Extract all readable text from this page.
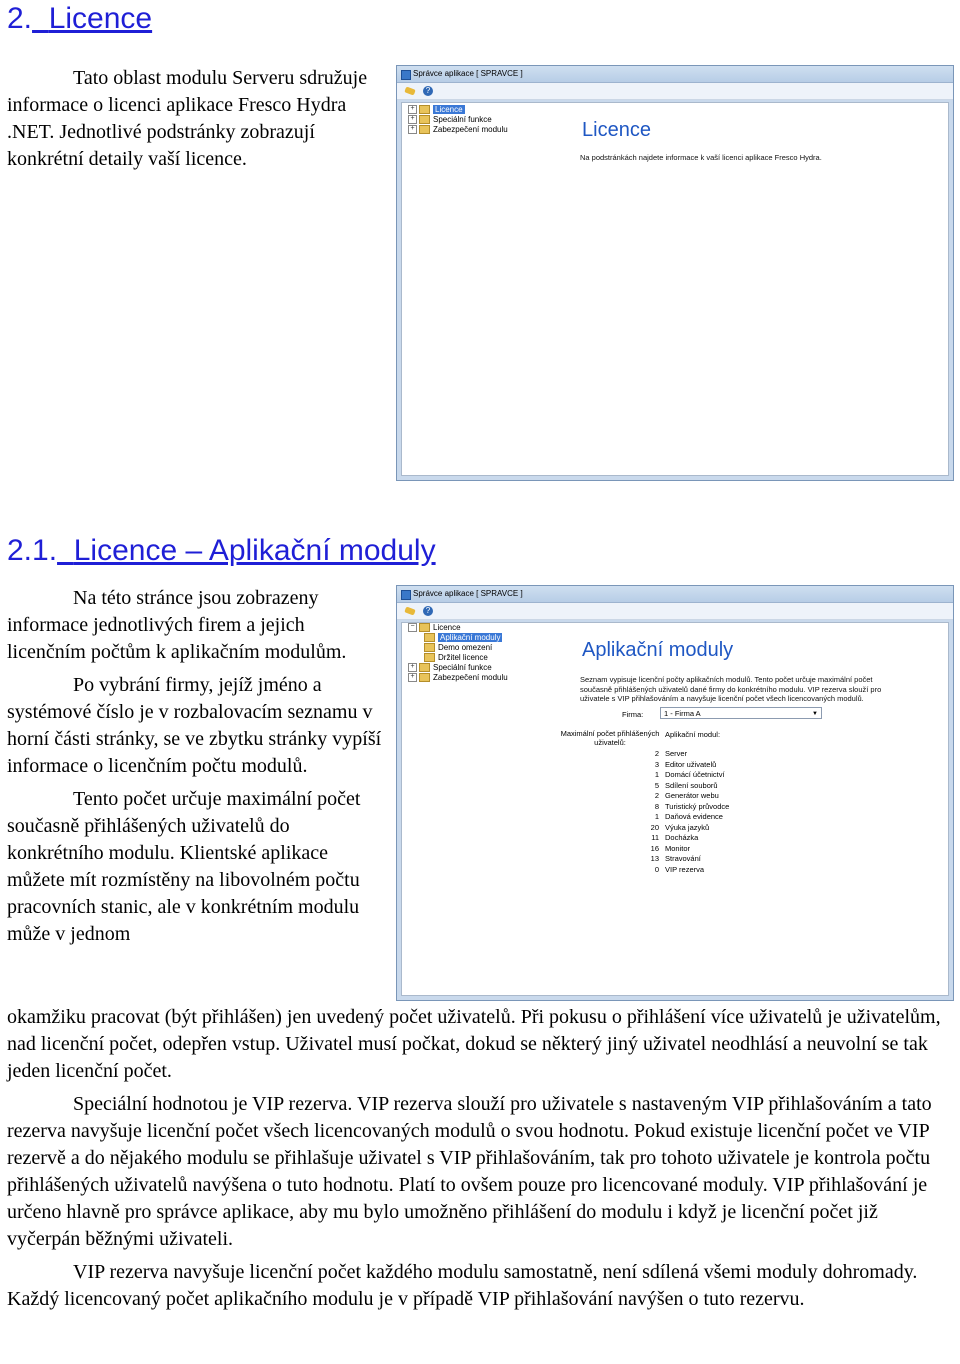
2. Licence

Tato oblast modulu Serveru sdružuje informace o licenci aplikace Fresco Hydra .NET. Jednotlivé podstránky zobrazují konkrétní detaily vaší licence.

Správce aplikace [ SPRAVCE ]
?
+	Licence
+ Speciální funkce
+ Zabezpečení modulu	Licence
Na podstránkách najdete informace k vaší licenci aplikace Fresco Hydra.
2.1. Licence – Aplikační moduly

Na této stránce jsou zobrazeny informace jednotlivých firem a jejich licenčním počtům k aplikačním modulům.

Po vybrání firmy, jejíž jméno a systémové číslo je v rozbalovacím seznamu v horní části stránky, se ve zbytku stránky vypíší informace o licenčním počtu modulů.

Tento počet určuje maximální počet současně přihlášených uživatelů do konkrétního modulu. Klientské aplikace můžete mít rozmístěny na libovolném počtu pracovních stanic, ale v konkrétním modulu může v jednom

okamžiku pracovat (být přihlášen) jen uvedený počet uživatelů. Při pokusu o přihlášení více uživatelů je uživatelům, nad licenční počet, odepřen vstup. Uživatel musí počkat, dokud se některý jiný uživatel neodhlásí a neuvolní se tak jeden licenční počet.

Speciální hodnotou je VIP rezerva. VIP rezerva slouží pro uživatele s nastaveným VIP přihlašováním a tato rezerva navyšuje licenční počet všech licencovaných modulů o svou hodnotu. Pokud existuje licenční počet ve VIP rezervě a do nějakého modulu se přihlašuje uživatel s VIP přihlašováním, tak pro tohoto uživatele je kontrola počtu přihlášených uživatelů navýšena o tuto hodnotu. Platí to ovšem pouze pro licencované moduly. VIP přihlašování je určeno hlavně pro správce aplikace, aby mu bylo umožněno přihlášení do modulu i když je licenční počet již vyčerpán běžnými uživateli.

VIP rezerva navyšuje licenční počet každého modulu samostatně, není sdílená všemi moduly dohromady. Každý licencovaný počet aplikačního modulu je v případě VIP přihlašování navýšen o tuto rezervu.

Správce aplikace [ SPRAVCE ]
?
− Licence
Aplikační moduly
Demo omezení
Držitel licence
+ Speciální funkce
+ Zabezpečení modulu
Aplikační moduly
Seznam vypisuje licenční počty aplikačních modulů. Tento počet určuje maximální počet současně přihlášených uživatelů dané firmy do konkrétního modulu. VIP rezerva slouží pro uživatele s VIP přihlašováním a navyšuje licenční počet všech licencovaných modulů.
Firma:	1 - Firma A	▼
Maximální počet přihlášených uživatelů:
Aplikační modul:
2 Server
3 Editor uživatelů
1 Domácí účetnictví
5 Sdílení souborů
2 Generátor webu
8 Turistický průvodce
1 Daňová evidence
20 Výuka jazyků
11 Docházka
16 Monitor
13 Stravování
0 VIP rezerva
